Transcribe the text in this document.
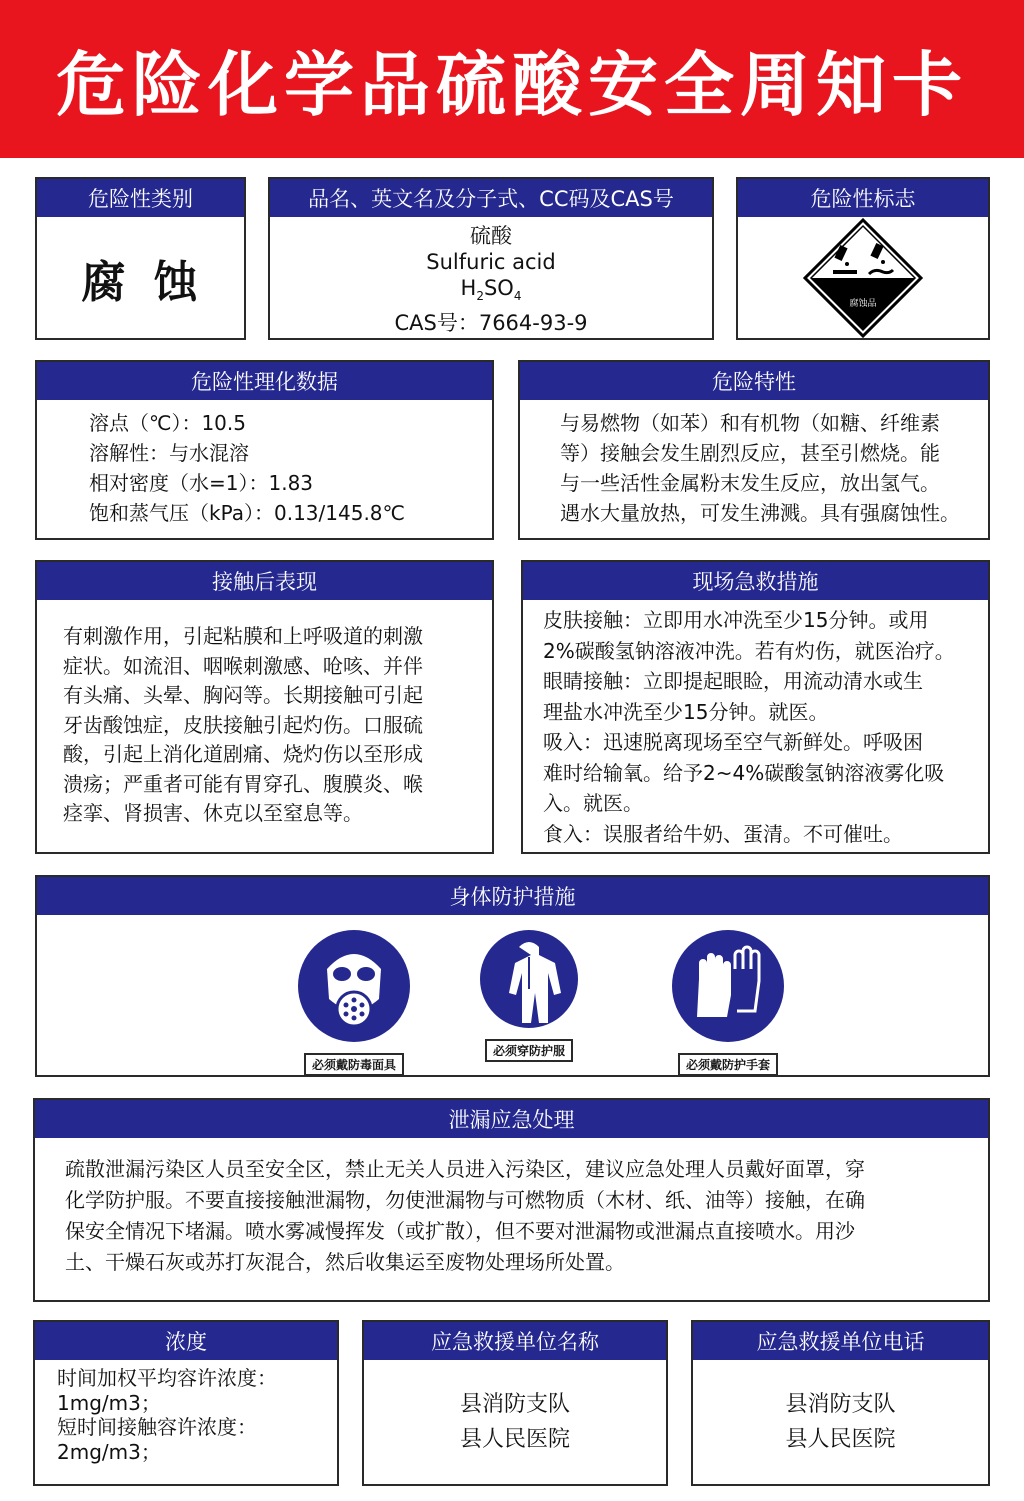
危险化学品硫酸安全周知卡
危险性类别
腐蚀
品名、英文名及分子式、CC码及CAS号

硫酸

Sulfuric acid

$H_2SO_4$

CAS号：7664-93-9

危险性标志
腐蚀品
危险性理化数据

溶点（℃）：10.5

溶解性：与水混溶

相对密度（水=1）：1.83

饱和蒸气压（kPa）：0.13/145.8℃

危险特性

与易燃物（如苯）和有机物（如糖、纤维素

等）接触会发生剧烈反应，甚至引燃烧。能

与一些活性金属粉末发生反应，放出氢气。

遇水大量放热，可发生沸溅。具有强腐蚀性。

接触后表现

有刺激作用，引起粘膜和上呼吸道的刺激

症状。如流泪、咽喉刺激感、呛咳、并伴

有头痛、头晕、胸闷等。长期接触可引起

牙齿酸蚀症，皮肤接触引起灼伤。口服硫

酸，引起上消化道剧痛、烧灼伤以至形成

溃疡；严重者可能有胃穿孔、腹膜炎、喉

痉挛、肾损害、休克以至窒息等。

现场急救措施

皮肤接触：立即用水冲洗至少15分钟。或用

2%碳酸氢钠溶液冲洗。若有灼伤，就医治疗。

眼睛接触：立即提起眼睑，用流动清水或生

理盐水冲洗至少15分钟。就医。

吸入：迅速脱离现场至空气新鲜处。呼吸困

难时给输氧。给予2~4%碳酸氢钠溶液雾化吸

入。就医。

食入：误服者给牛奶、蛋清。不可催吐。

身体防护措施
必须戴防毒面具
必须穿防护服
必须戴防护手套
泄漏应急处理

疏散泄漏污染区人员至安全区，禁止无关人员进入污染区，建议应急处理人员戴好面罩，穿

化学防护服。不要直接接触泄漏物，勿使泄漏物与可燃物质（木材、纸、油等）接触，在确

保安全情况下堵漏。喷水雾减慢挥发（或扩散），但不要对泄漏物或泄漏点直接喷水。用沙

土、干燥石灰或苏打灰混合，然后收集运至废物处理场所处置。

浓度

时间加权平均容许浓度：

1mg/m3；

短时间接触容许浓度：

2mg/m3；

应急救援单位名称

县消防支队

县人民医院

应急救援单位电话

县消防支队

县人民医院
